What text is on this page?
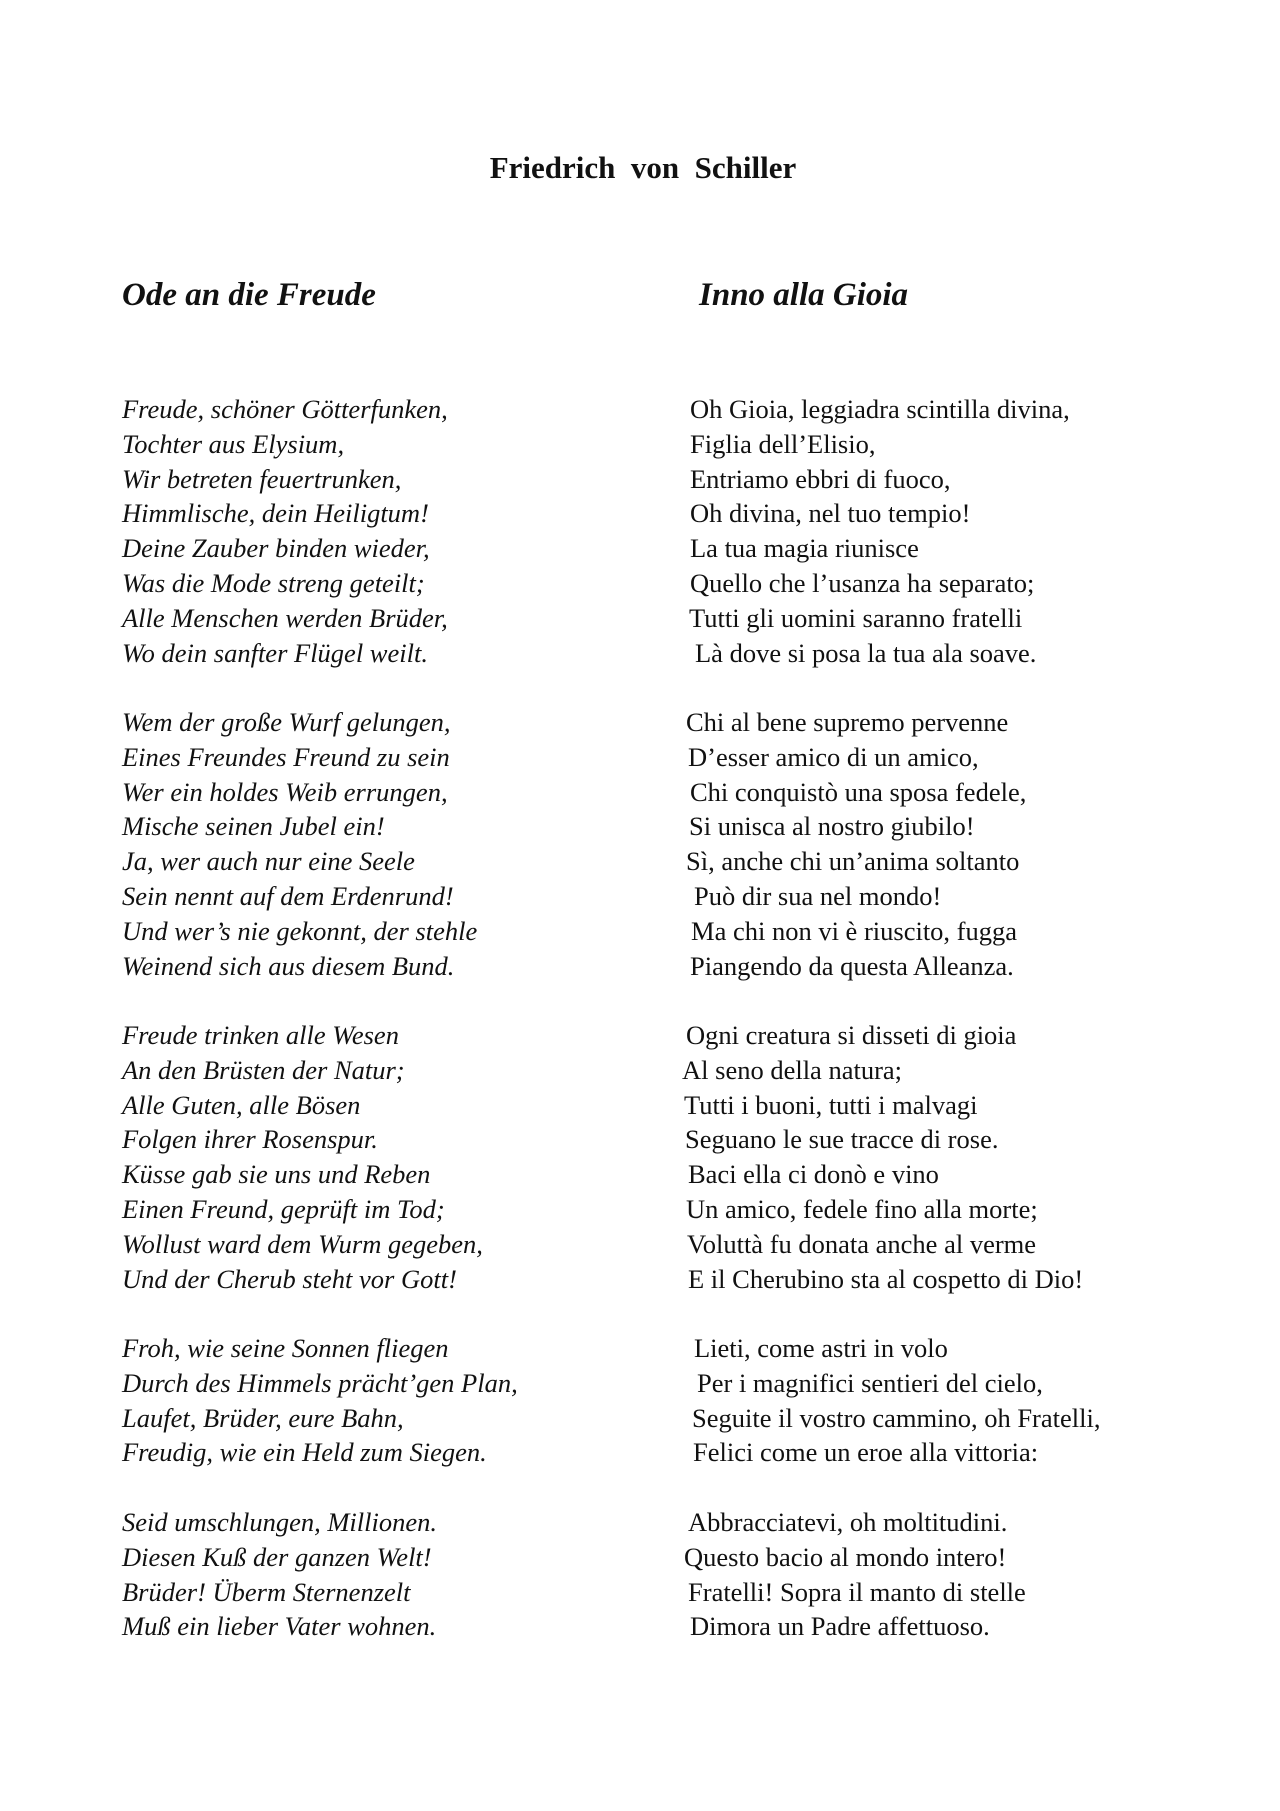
Friedrich  von  Schiller
Ode an die Freude	Inno alla Gioia
Freude, schöner Götterfunken,
Tochter aus Elysium,
Wir betreten feuertrunken,
Himmlische, dein Heiligtum!
Deine Zauber binden wieder,
Was die Mode streng geteilt;
Alle Menschen werden Brüder,
Wo dein sanfter Flügel weilt.
Oh Gioia, leggiadra scintilla divina,
Figlia dell’Elisio,
Entriamo ebbri di fuoco,
Oh divina, nel tuo tempio!
La tua magia riunisce
Quello che l’usanza ha separato;
Tutti gli uomini saranno fratelli
Là dove si posa la tua ala soave.
Wem der große Wurf gelungen,
Eines Freundes Freund zu sein
Wer ein holdes Weib errungen,
Mische seinen Jubel ein!
Ja, wer auch nur eine Seele
Sein nennt auf dem Erdenrund!
Und wer’s nie gekonnt, der stehle
Weinend sich aus diesem Bund.
Chi al bene supremo pervenne
D’esser amico di un amico,
Chi conquistò una sposa fedele,
Si unisca al nostro giubilo!
Sì, anche chi un’anima soltanto
Può dir sua nel mondo!
Ma chi non vi è riuscito, fugga
Piangendo da questa Alleanza.
Freude trinken alle Wesen
An den Brüsten der Natur;
Alle Guten, alle Bösen
Folgen ihrer Rosenspur.
Küsse gab sie uns und Reben
Einen Freund, geprüft im Tod;
Wollust ward dem Wurm gegeben,
Und der Cherub steht vor Gott!
Ogni creatura si disseti di gioia
Al seno della natura;
Tutti i buoni, tutti i malvagi
Seguano le sue tracce di rose.
Baci ella ci donò e vino
Un amico, fedele fino alla morte;
Voluttà fu donata anche al verme
E il Cherubino sta al cospetto di Dio!
Froh, wie seine Sonnen fliegen
Durch des Himmels prächt’gen Plan,
Laufet, Brüder, eure Bahn,
Freudig, wie ein Held zum Siegen.
Lieti, come astri in volo
Per i magnifici sentieri del cielo,
Seguite il vostro cammino, oh Fratelli,
Felici come un eroe alla vittoria:
Seid umschlungen, Millionen.
Diesen Kuß der ganzen Welt!
Brüder! Überm Sternenzelt
Muß ein lieber Vater wohnen.
Abbracciatevi, oh moltitudini.
Questo bacio al mondo intero!
Fratelli! Sopra il manto di stelle
Dimora un Padre affettuoso.
